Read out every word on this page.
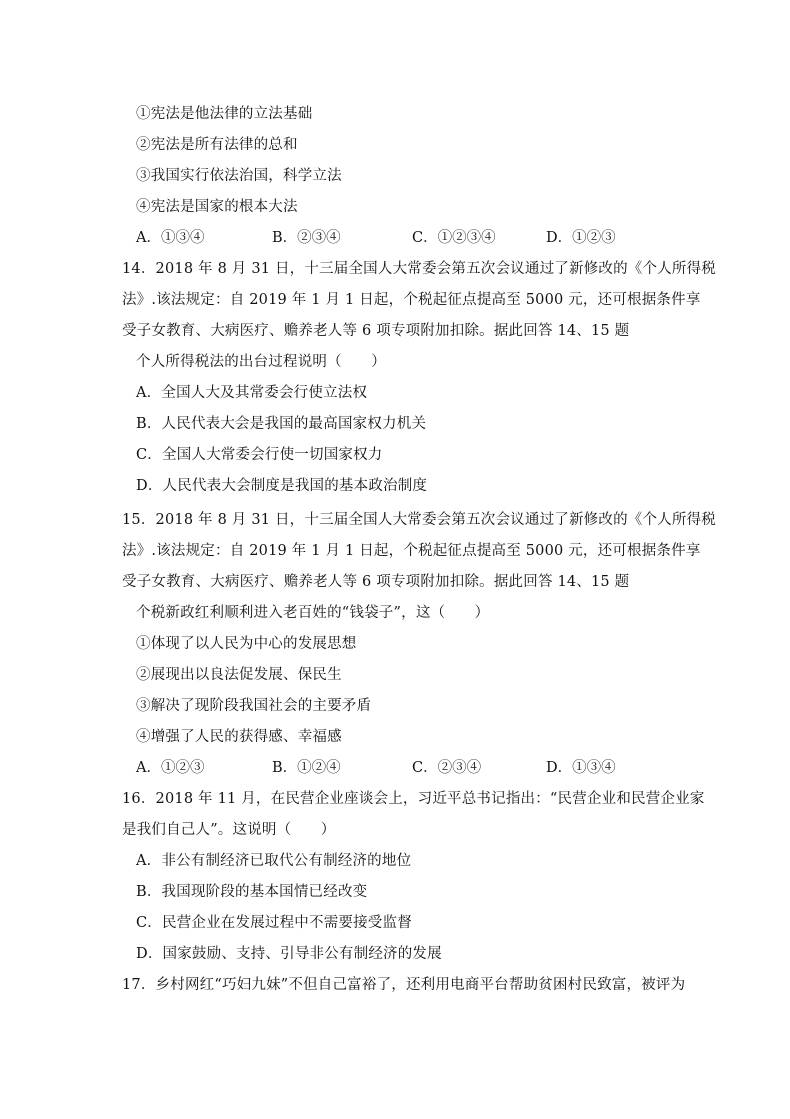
①宪法是他法律的立法基础
②宪法是所有法律的总和
③我国实行依法治国，科学立法
④宪法是国家的根本大法
A．①③④	B．②③④	C．①②③④	D．①②③
14．2018 年 8 月 31 日，十三届全国人大常委会第五次会议通过了新修改的《个人所得税
法》.该法规定：自 2019 年 1 月 1 日起，个税起征点提高至 5000 元，还可根据条件享
受子女教育、大病医疗、赡养老人等 6 项专项附加扣除。据此回答 14、15 题
个人所得税法的出台过程说明（　　）
A．全国人大及其常委会行使立法权
B．人民代表大会是我国的最高国家权力机关
C．全国人大常委会行使一切国家权力
D．人民代表大会制度是我国的基本政治制度
15．2018 年 8 月 31 日，十三届全国人大常委会第五次会议通过了新修改的《个人所得税
法》.该法规定：自 2019 年 1 月 1 日起，个税起征点提高至 5000 元，还可根据条件享
受子女教育、大病医疗、赡养老人等 6 项专项附加扣除。据此回答 14、15 题
个税新政红利顺利进入老百姓的“钱袋子”，这（　　）
①体现了以人民为中心的发展思想
②展现出以良法促发展、保民生
③解决了现阶段我国社会的主要矛盾
④增强了人民的获得感、幸福感
A．①②③	B．①②④	C．②③④	D．①③④
16．2018 年 11 月，在民营企业座谈会上，习近平总书记指出：“民营企业和民营企业家
是我们自己人”。这说明（　　）
A．非公有制经济已取代公有制经济的地位
B．我国现阶段的基本国情已经改变
C．民营企业在发展过程中不需要接受监督
D．国家鼓励、支持、引导非公有制经济的发展
17．乡村网红“巧妇九妹”不但自己富裕了，还利用电商平台帮助贫困村民致富，被评为
